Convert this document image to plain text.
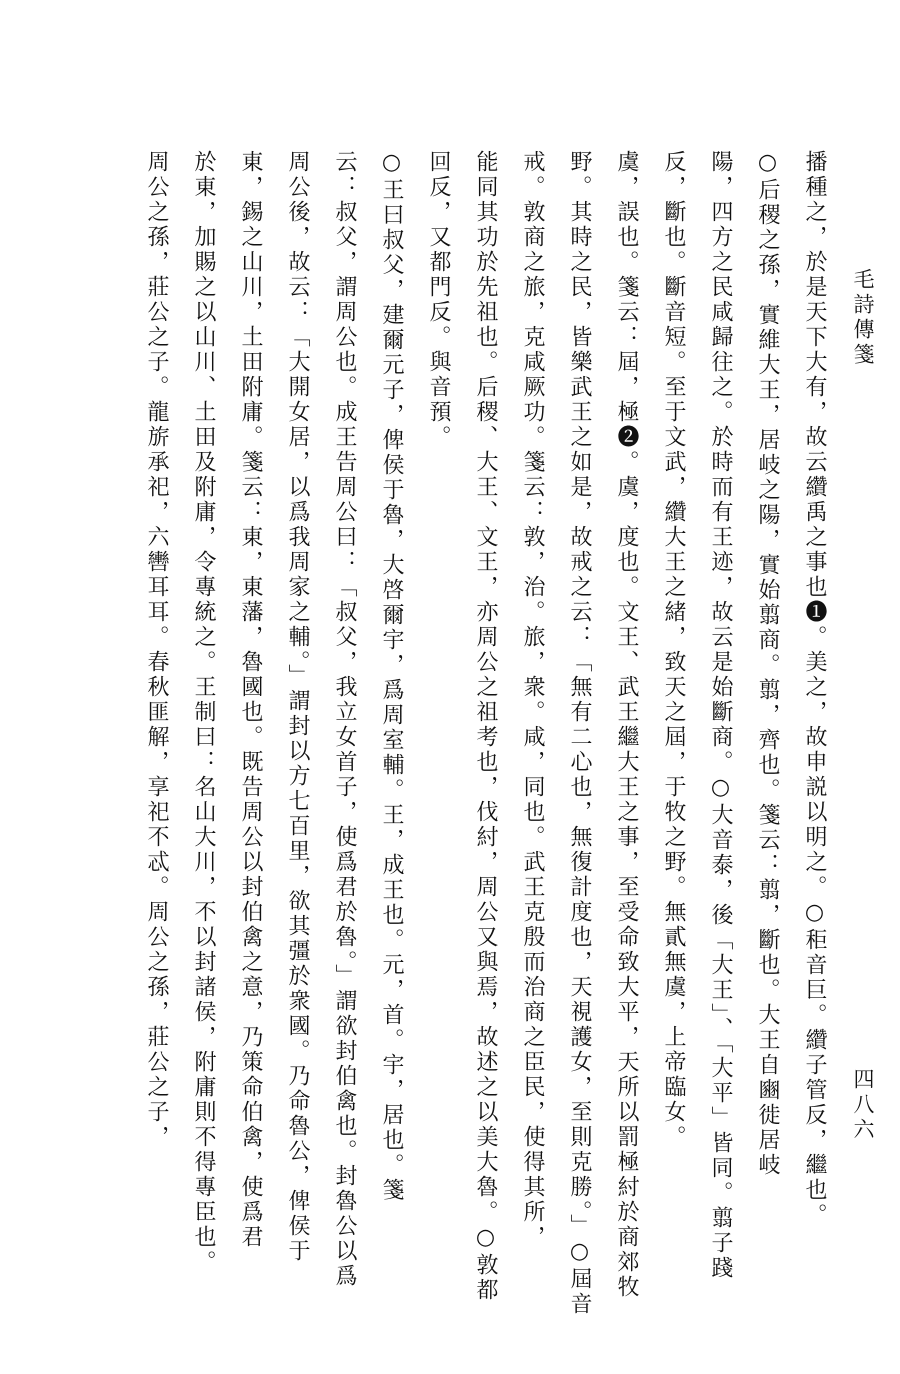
毛詩傳箋
四八六
播種之，於是天下大有，故云纘禹之事也❶。美之，故申説以明之。○秬音巨。纘子管反，繼也。
○后稷之孫，實維大王，居岐之陽，實始翦商。翦，齊也。箋云：翦，斷也。大王自豳徙居岐
陽，四方之民咸歸往之。於時而有王迹，故云是始斷商。○大音泰，後「大王」、「大平」皆同。翦子踐
反，斷也。斷音短。至于文武，纘大王之緒，致天之屆，于牧之野。無貳無虞，上帝臨女。
虞，誤也。箋云：屆，極❷。虞，度也。文王、武王繼大王之事，至受命致大平，天所以罰極紂於商郊牧
野。其時之民，皆樂武王之如是，故戒之云：「無有二心也，無復計度也，天視護女，至則克勝。」○屆音
戒。敦商之旅，克咸厥功。箋云：敦，治。旅，衆。咸，同也。武王克殷而治商之臣民，使得其所，
能同其功於先祖也。后稷、大王、文王，亦周公之祖考也，伐紂，周公又與焉，故述之以美大魯。○敦都
回反，又都門反。與音預。
○王曰叔父，建爾元子，俾侯于魯，大啓爾宇，爲周室輔。王，成王也。元，首。宇，居也。箋
云：叔父，謂周公也。成王告周公曰：「叔父，我立女首子，使爲君於魯。」謂欲封伯禽也。封魯公以爲
周公後，故云：「大開女居，以爲我周家之輔。」謂封以方七百里，欲其彊於衆國。乃命魯公，俾侯于
東，錫之山川，土田附庸。箋云：東，東藩，魯國也。既告周公以封伯禽之意，乃策命伯禽，使爲君
於東，加賜之以山川、土田及附庸，令專統之。王制曰：名山大川，不以封諸侯，附庸則不得專臣也。
周公之孫，莊公之子。龍旂承祀，六轡耳耳。春秋匪解，享祀不忒。周公之孫，莊公之子，
